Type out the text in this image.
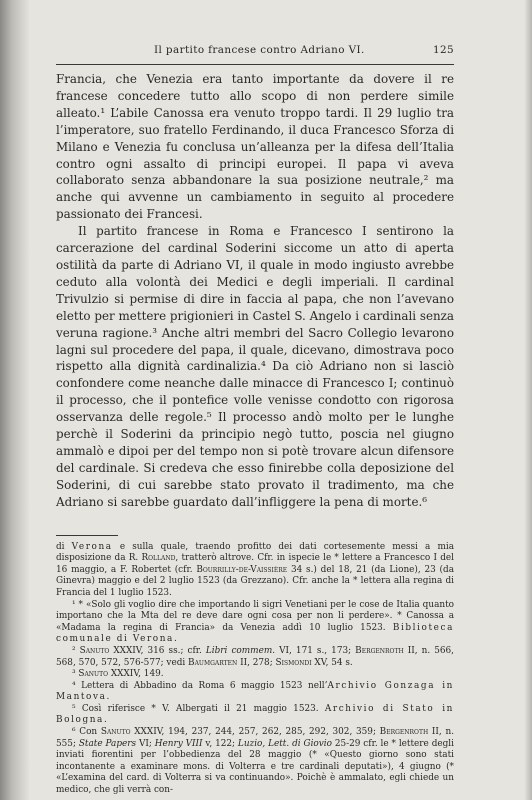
Il partito francese contro Adriano VI.	125

Francia, che Venezia era tanto importante da dovere il re francese concedere tutto allo scopo di non perdere simile alleato.¹ L’abile Canossa era venuto troppo tardi. Il 29 luglio tra l’imperatore, suo fratello Ferdinando, il duca Francesco Sforza di Milano e Venezia fu conclusa un’alleanza per la difesa dell’Italia contro ogni assalto di principi europei. Il papa vi aveva collaborato senza abbandonare la sua posizione neutrale,² ma anche qui avvenne un cambiamento in seguito al procedere passionato dei Francesi.

Il partito francese in Roma e Francesco I sentirono la carcerazione del cardinal Soderini siccome un atto di aperta ostilità da parte di Adriano VI, il quale in modo ingiusto avrebbe ceduto alla volontà dei Medici e degli imperiali. Il cardinal Trivulzio si permise di dire in faccia al papa, che non l’avevano eletto per mettere prigionieri in Castel S. Angelo i cardinali senza veruna ragione.³ Anche altri membri del Sacro Collegio levarono lagni sul procedere del papa, il quale, dicevano, dimostrava poco rispetto alla dignità cardinalizia.⁴ Da ciò Adriano non si lasciò confondere come neanche dalle minacce di Francesco I; continuò il processo, che il pontefice volle venisse condotto con rigorosa osservanza delle regole.⁵ Il processo andò molto per le lunghe perchè il Soderini da principio negò tutto, poscia nel giugno ammalò e dipoi per del tempo non si potè trovare alcun difensore del cardinale. Si credeva che esso finirebbe colla deposizione del Soderini, di cui sarebbe stato provato il tradimento, ma che Adriano si sarebbe guardato dall’infliggere la pena di morte.⁶

di Verona e sulla quale, traendo profitto dei dati cortesemente messi a mia disposizione da R. Rolland, tratterò altrove. Cfr. in ispecie le * lettere a Francesco I del 16 maggio, a F. Robertet (cfr. Bourrilly-de-Vaissière 34 s.) del 18, 21 (da Lione), 23 (da Ginevra) maggio e del 2 luglio 1523 (da Grezzano). Cfr. anche la * lettera alla regina di Francia del 1 luglio 1523.

¹ * «Solo gli voglio dire che importando li sigri Venetiani per le cose de Italia quanto importano che la Mta del re deve dare ogni cosa per non li perdere». * Canossa a «Madama la regina di Francia» da Venezia addì 10 luglio 1523. Biblioteca comunale di Verona.

² Sanuto XXXIV, 316 ss.; cfr. Libri commem. VI, 171 s., 173; Bergenroth II, n. 566, 568, 570, 572, 576-577; vedi Baumgarten II, 278; Sismondi XV, 54 s.

³ Sanuto XXXIV, 149.

⁴ Lettera di Abbadino da Roma 6 maggio 1523 nell’Archivio Gonzaga in Mantova.

⁵ Così riferisce * V. Albergati il 21 maggio 1523. Archivio di Stato in Bologna.

⁶ Con Sanuto XXXIV, 194, 237, 244, 257, 262, 285, 292, 302, 359; Bergenroth II, n. 555; State Papers VI; Henry VIII v, 122; Luzio, Lett. di Giovio 25-29 cfr. le * lettere degli inviati fiorentini per l’obbedienza del 28 maggio (* «Questo giorno sono stati incontanente a examinare mons. di Volterra e tre cardinali deputati»), 4 giugno (* «L’examina del card. di Volterra si va continuando». Poichè è ammalato, egli chiede un medico, che gli verrà con-
